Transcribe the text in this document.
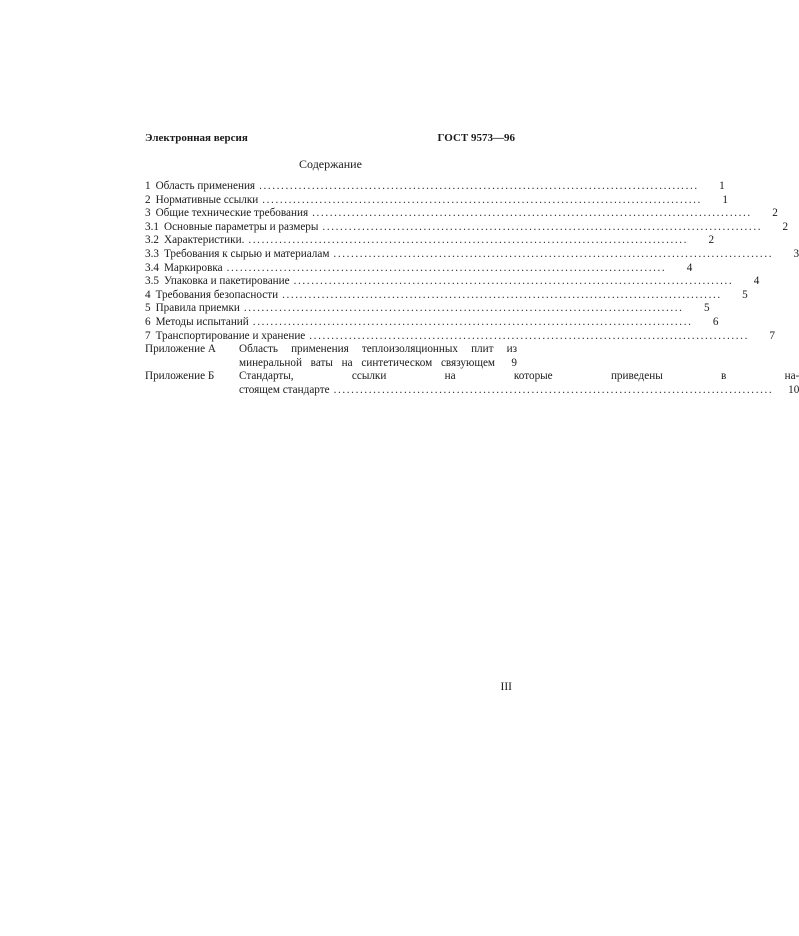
Электронная версия	ГОСТ 9573—96
Содержание
1 Область применения ....................................................................................................	1
2 Нормативные ссылки ....................................................................................................	1
3 Общие технические требования ....................................................................................................	2
3.1 Основные параметры и размеры ....................................................................................................	2
3.2 Характеристики. ....................................................................................................	2
3.3 Требования к сырью и материалам ....................................................................................................	3
3.4 Маркировка ....................................................................................................	4
3.5 Упаковка и пакетирование ....................................................................................................	4
4 Требования безопасности ....................................................................................................	5
5 Правила приемки ....................................................................................................	5
6 Методы испытаний ....................................................................................................	6
7 Транспортирование и хранение ....................................................................................................	7
Приложение А	Область применения теплоизоляционных плит из
минеральной ваты на синтетическом связующем	9
Приложение Б	Стандарты, ссылки на которые приведены в на-
стоящем стандарте ....................................................................................................	10
III
